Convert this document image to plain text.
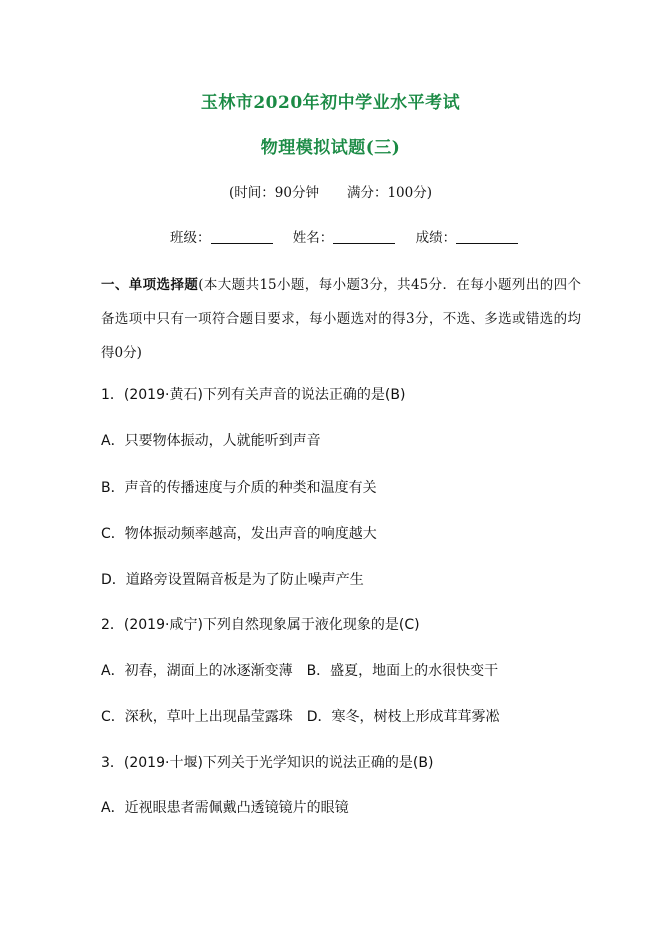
玉林市2020年初中学业水平考试
物理模拟试题(三)
(时间：90分钟 满分：100分)
班级：	姓名：	成绩：
一、单项选择题(本大题共15小题，每小题3分，共45分．在每小题列出的四个备选项中只有一项符合题目要求，每小题选对的得3分，不选、多选或错选的均得0分)
1．(2019·黄石)下列有关声音的说法正确的是(B)
A．只要物体振动，人就能听到声音
B．声音的传播速度与介质的种类和温度有关
C．物体振动频率越高，发出声音的响度越大
D．道路旁设置隔音板是为了防止噪声产生
2．(2019·咸宁)下列自然现象属于液化现象的是(C)
A．初春，湖面上的冰逐渐变薄　B．盛夏，地面上的水很快变干
C．深秋，草叶上出现晶莹露珠　D．寒冬，树枝上形成茸茸雾凇
3．(2019·十堰)下列关于光学知识的说法正确的是(B)
A．近视眼患者需佩戴凸透镜镜片的眼镜
